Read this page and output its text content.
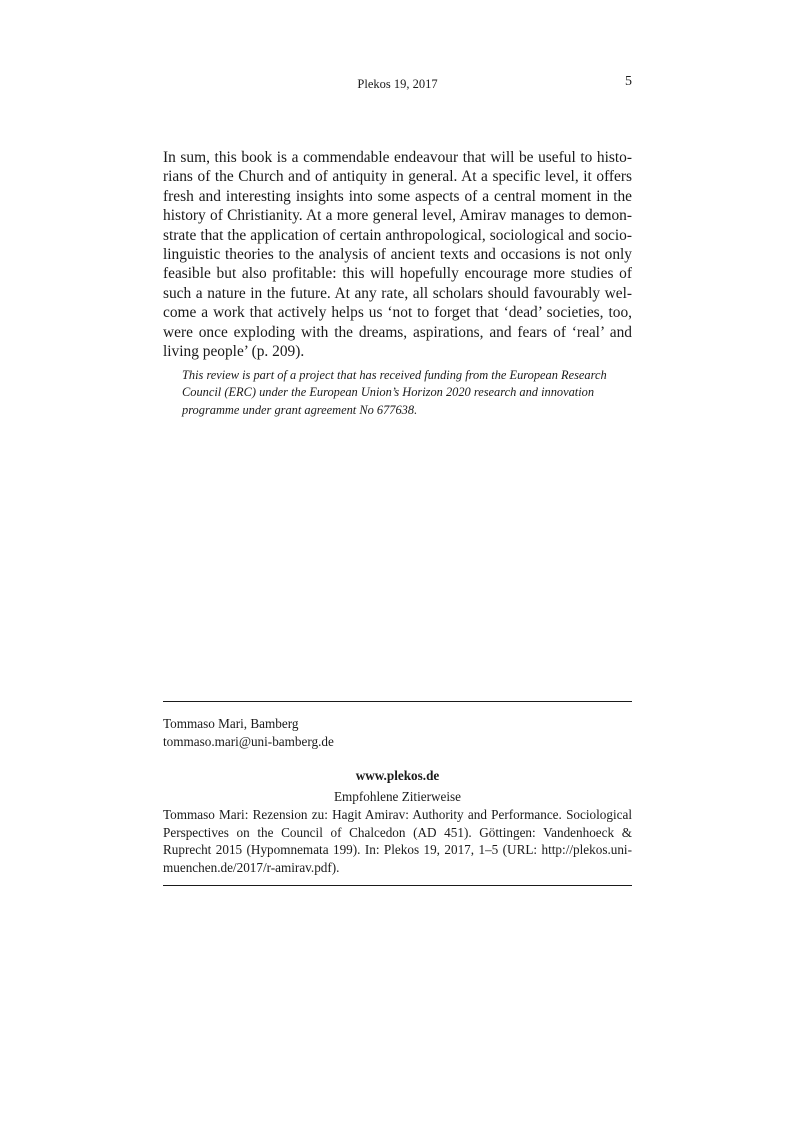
Plekos 19, 2017	5

In sum, this book is a commendable endeavour that will be useful to historians of the Church and of antiquity in general. At a specific level, it offers fresh and interesting insights into some aspects of a central moment in the history of Christianity. At a more general level, Amirav manages to demonstrate that the application of certain anthropological, sociological and sociolinguistic theories to the analysis of ancient texts and occasions is not only feasible but also profitable: this will hopefully encourage more studies of such a nature in the future. At any rate, all scholars should favourably welcome a work that actively helps us ‘not to forget that ‘dead’ societies, too, were once exploding with the dreams, aspirations, and fears of ‘real’ and living people’ (p. 209).

This review is part of a project that has received funding from the European Research Council (ERC) under the European Union’s Horizon 2020 research and innovation programme under grant agreement No 677638.

Tommaso Mari, Bamberg
tommaso.mari@uni-bamberg.de
www.plekos.de
Empfohlene Zitierweise

Tommaso Mari: Rezension zu: Hagit Amirav: Authority and Performance. Sociological Perspectives on the Council of Chalcedon (AD 451). Göttingen: Vandenhoeck & Ruprecht 2015 (Hypomnemata 199). In: Plekos 19, 2017, 1–5 (URL: http://plekos.uni-muenchen.de/2017/r-amirav.pdf).
